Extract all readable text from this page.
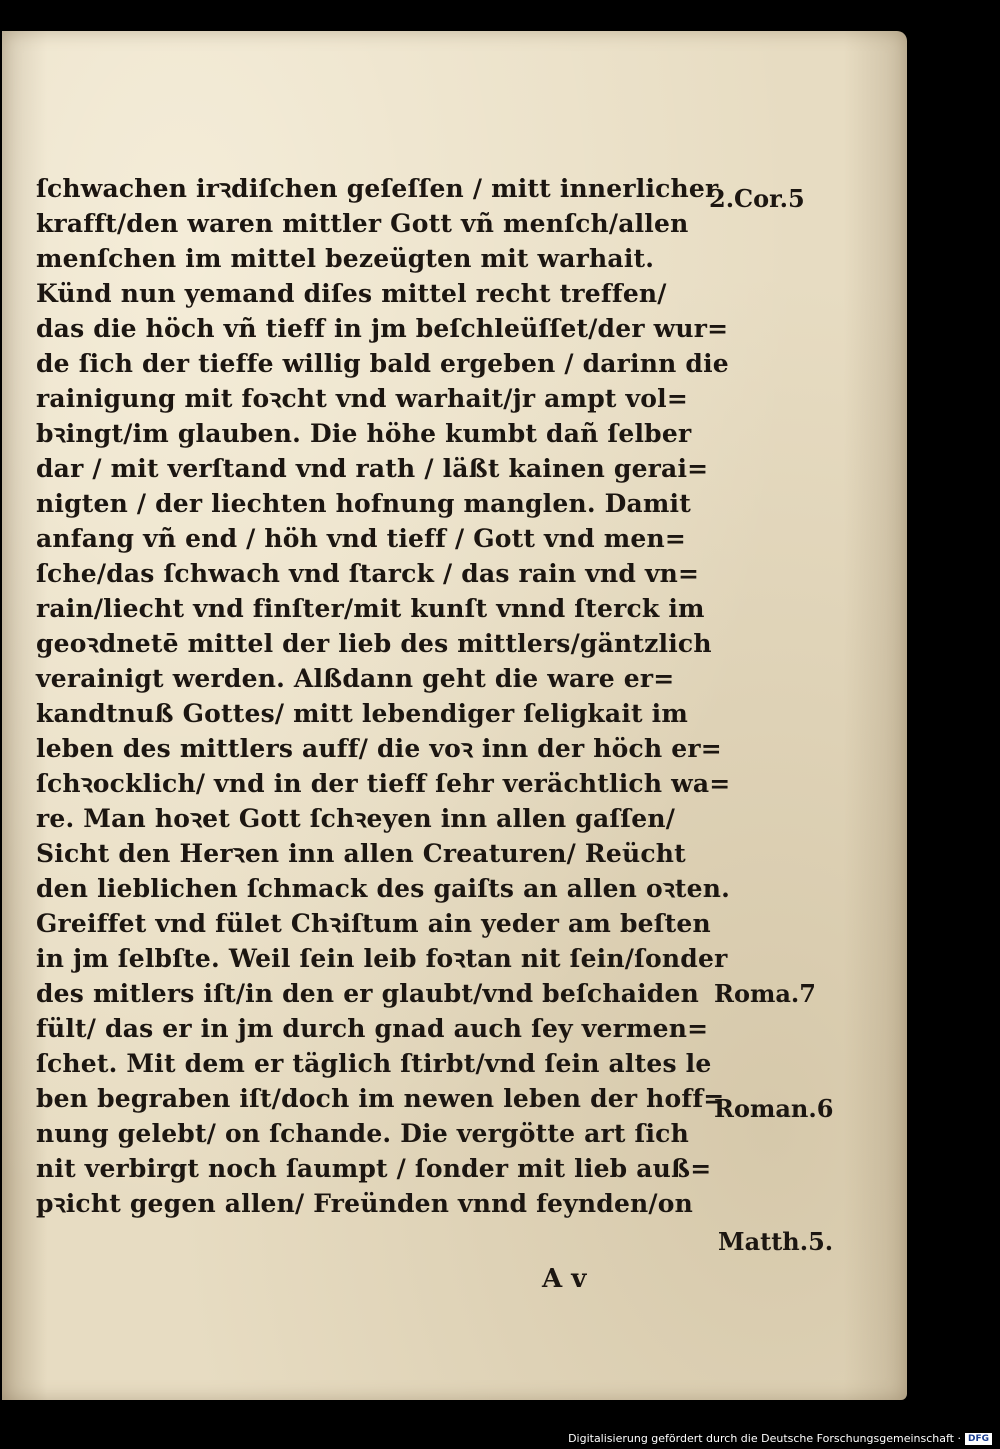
ſchwachen irꝛdiſchen geſeſſen / mitt innerlicher
krafft/den waren mittler Gott vñ menſch/allen
menſchen im mittel bezeügten mit warhait.
Künd nun yemand diſes mittel recht treffen/
das die höch vñ tieff in jm beſchleüſſet/der wur=
de ſich der tieffe willig bald ergeben / darinn die
rainigung mit foꝛcht vnd warhait/jr ampt vol=
bꝛingt/im glauben. Die höhe kumbt dañ ſelber
dar / mit verſtand vnd rath / läßt kainen gerai=
nigten / der liechten hofnung manglen. Damit
anfang vñ end / höh vnd tieff / Gott vnd men=
ſche/das ſchwach vnd ſtarck / das rain vnd vn=
rain/liecht vnd finſter/mit kunſt vnnd ſterck im
geoꝛdnetē mittel der lieb des mittlers/gäntzlich
verainigt werden. Alßdann geht die ware er=
kandtnuß Gottes/ mitt lebendiger ſeligkait im
leben des mittlers auff/ die voꝛ inn der höch er=
ſchꝛocklich/ vnd in der tieff ſehr verächtlich wa=
re. Man hoꝛet Gott ſchꝛeyen inn allen gaſſen/
Sicht den Herꝛen inn allen Creaturen/ Reücht
den lieblichen ſchmack des gaiſts an allen oꝛten.
Greiffet vnd fület Chꝛiſtum ain yeder am beſten
in jm ſelbſte. Weil ſein leib foꝛtan nit ſein/ſonder
des mitlers iſt/in den er glaubt/vnd beſchaiden
fült/ das er in jm durch gnad auch ſey vermen=
ſchet. Mit dem er täglich ſtirbt/vnd ſein altes le
ben begraben iſt/doch im newen leben der hoff=
nung gelebt/ on ſchande. Die vergötte art ſich
nit verbirgt noch ſaumpt / ſonder mit lieb auß=
pꝛicht gegen allen/ Freünden vnnd feynden/on
2.Cor.5
Roma.7
Roman.6
Matth.5.
A v
Digitalisierung gefördert durch die Deutsche Forschungsgemeinschaft · DFG
